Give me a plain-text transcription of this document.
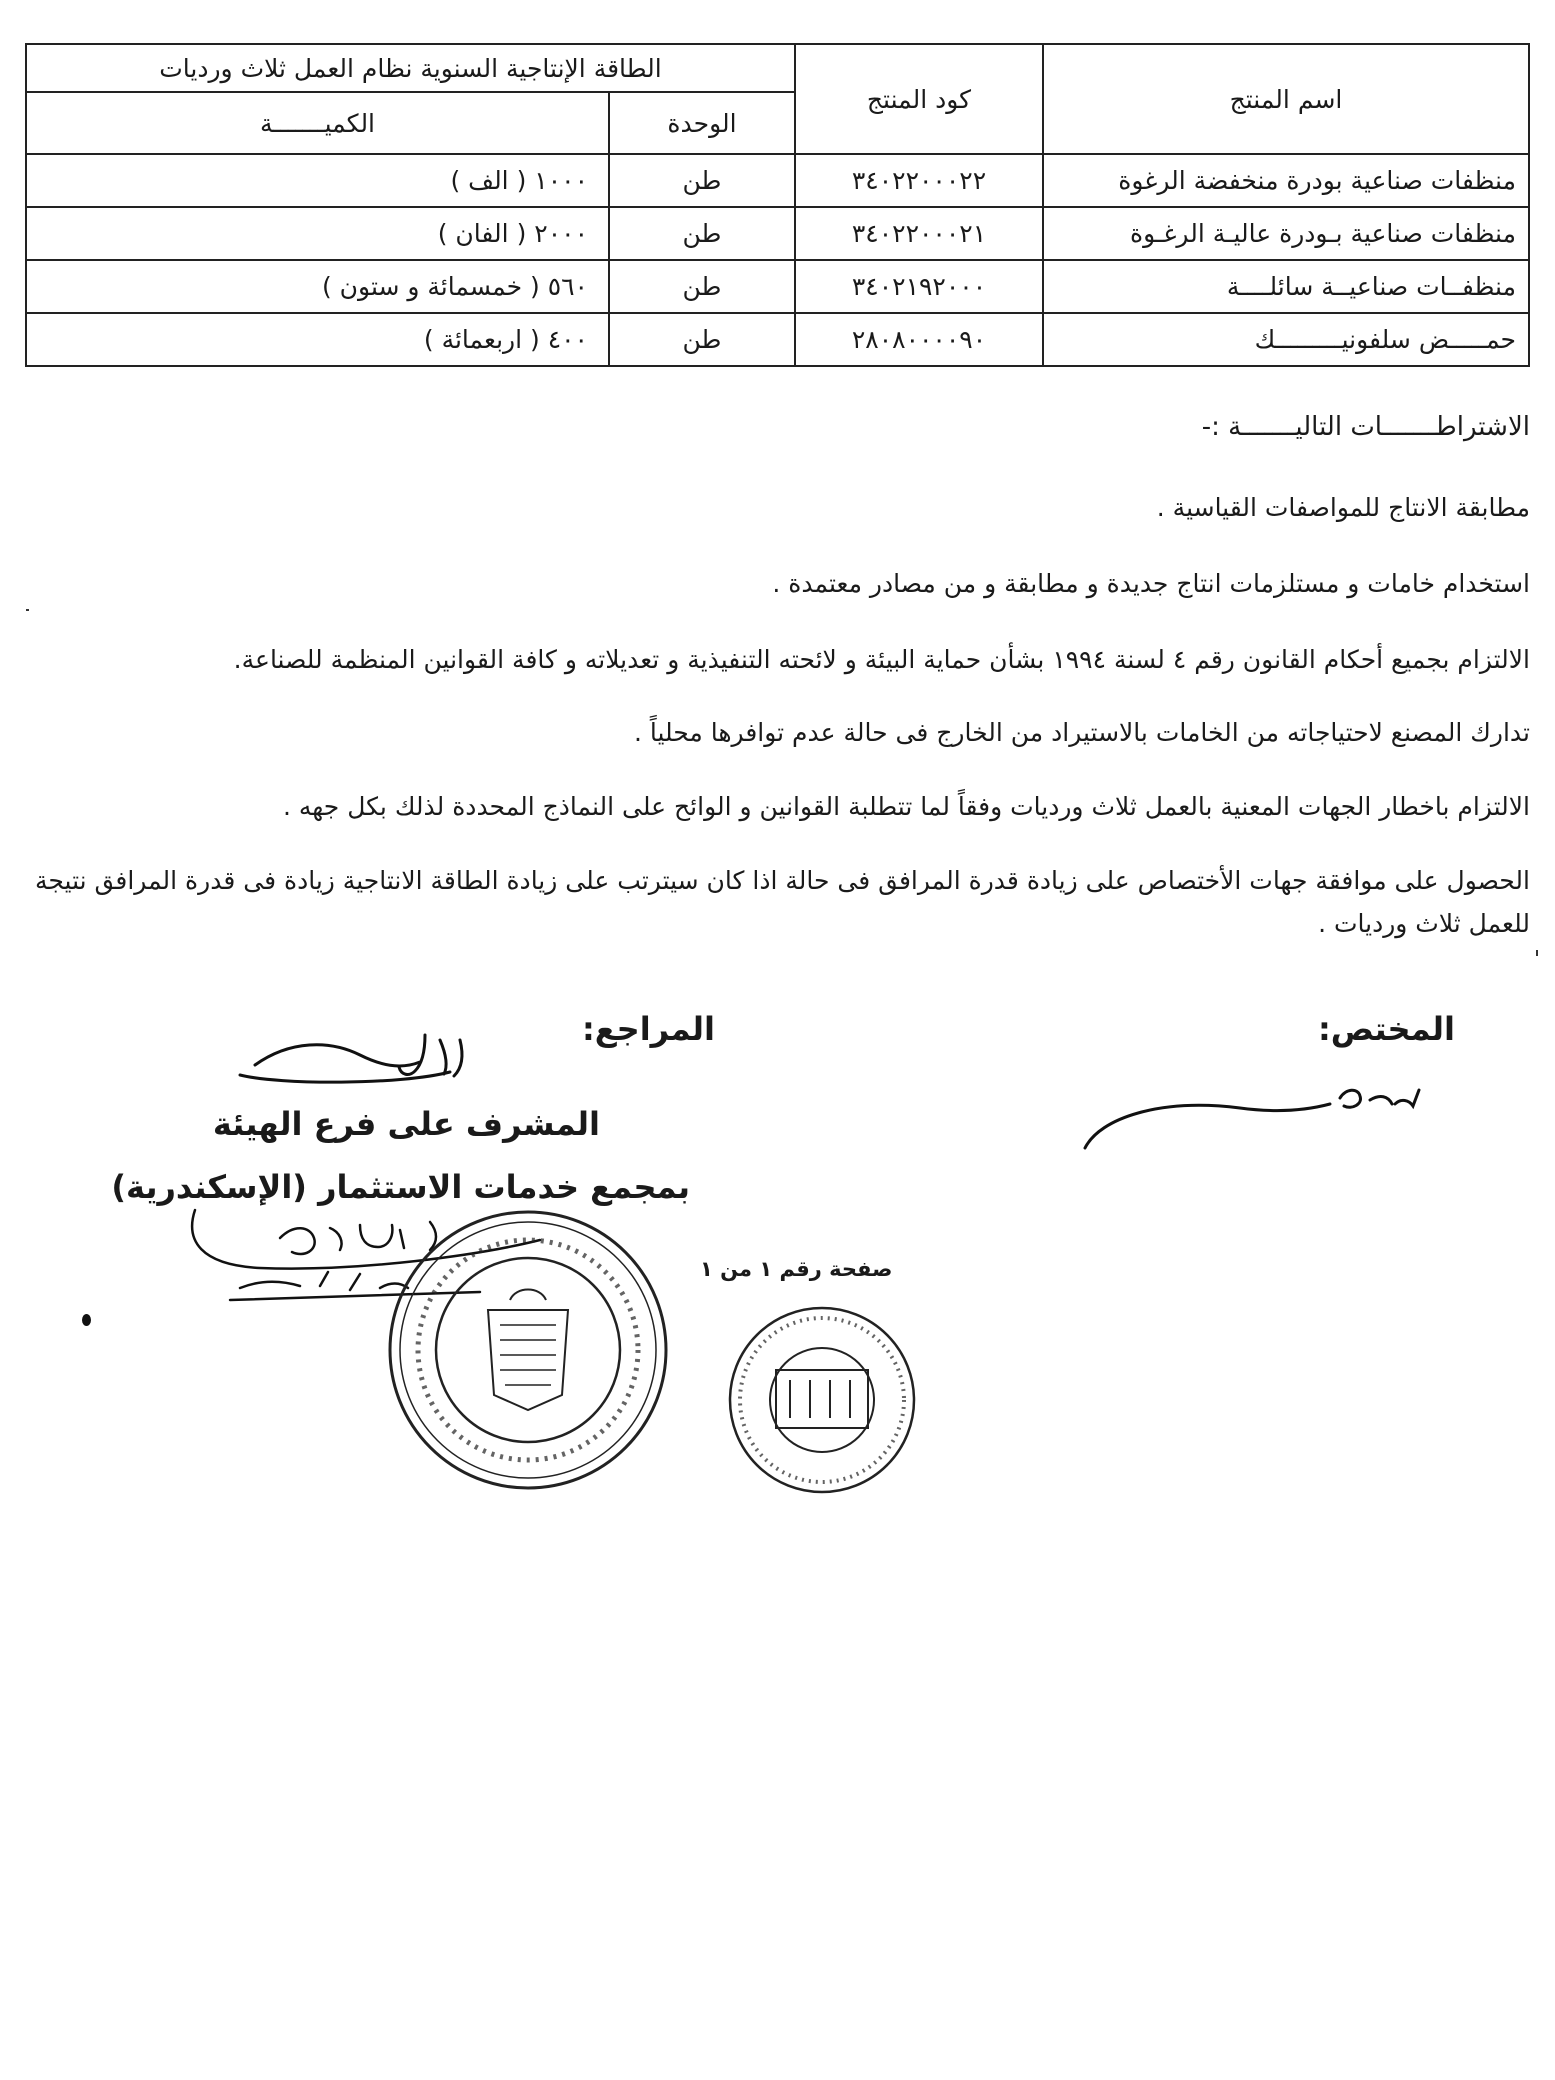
اسم المنتج	كود المنتج	الطاقة الإنتاجية السنوية نظام العمل ثلاث ورديات	
		الوحدة	الكميـــــــة
منظفات صناعية بودرة منخفضة الرغوة	٣٤٠٢٢٠٠٠٢٢	طن	١٠٠٠ ( الف )
منظفات صناعية بـودرة عاليـة الرغـوة	٣٤٠٢٢٠٠٠٢١	طن	٢٠٠٠ ( الفان )
منظفــات صناعيــة سائلــــة	٣٤٠٢١٩٢٠٠٠	طن	٥٦٠ ( خمسمائة و ستون )
حمـــــض سلفونيـــــــــك	٢٨٠٨٠٠٠٠٩٠	طن	٤٠٠ ( اربعمائة )
الاشتراطـــــــات التاليـــــــة :-
مطابقة الانتاج للمواصفات القياسية .
استخدام خامات و مستلزمات انتاج جديدة و مطابقة و من مصادر معتمدة .
الالتزام بجميع أحكام القانون رقم ٤ لسنة ١٩٩٤ بشأن حماية البيئة و لائحته التنفيذية و تعديلاته و كافة القوانين المنظمة للصناعة.
تدارك المصنع لاحتياجاته من الخامات بالاستيراد من الخارج فى حالة عدم توافرها محلياً .
الالتزام باخطار الجهات المعنية بالعمل ثلاث ورديات وفقاً لما تتطلبة القوانين و الوائح على النماذج المحددة لذلك بكل جهه .
الحصول على موافقة جهات الأختصاص على زيادة قدرة المرافق فى حالة اذا كان سيترتب على زيادة الطاقة الانتاجية زيادة فى قدرة المرافق نتيجة للعمل ثلاث ورديات .
المختص:
المراجع:
المشرف على فرع الهيئة
بمجمع خدمات الاستثمار (الإسكندرية)
صفحة رقم ١ من ١
